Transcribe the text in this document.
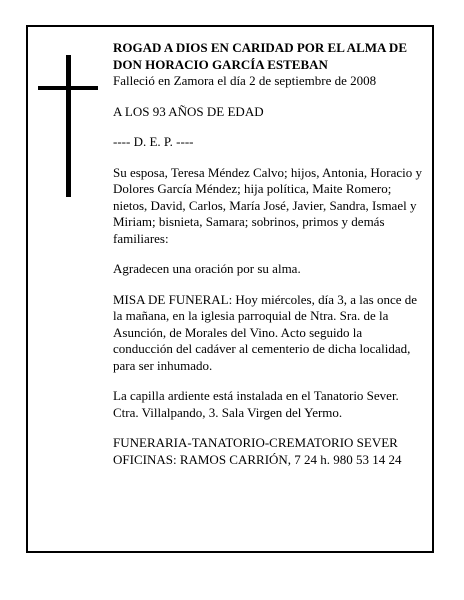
ROGAD A DIOS EN CARIDAD POR EL ALMA DE

DON HORACIO GARCÍA ESTEBAN

Falleció en Zamora el día 2 de septiembre de 2008

A LOS 93 AÑOS DE EDAD

---- D. E. P. ----

Su esposa, Teresa Méndez Calvo; hijos, Antonia, Horacio y Dolores García Méndez; hija política, Maite Romero; nietos, David, Carlos, María José, Javier, Sandra, Ismael y Miriam; bisnieta, Samara; sobrinos, primos y demás familiares:

Agradecen una oración por su alma.

MISA DE FUNERAL: Hoy miércoles, día 3, a las once de la mañana, en la iglesia parroquial de Ntra. Sra. de la Asunción, de Morales del Vino. Acto seguido la conducción del cadáver al cementerio de dicha localidad, para ser inhumado.

La capilla ardiente está instalada en el Tanatorio Sever. Ctra. Villalpando, 3. Sala Virgen del Yermo.

FUNERARIA-TANATORIO-CREMATORIO SEVER

OFICINAS: RAMOS CARRIÓN, 7 24 h. 980 53 14 24
